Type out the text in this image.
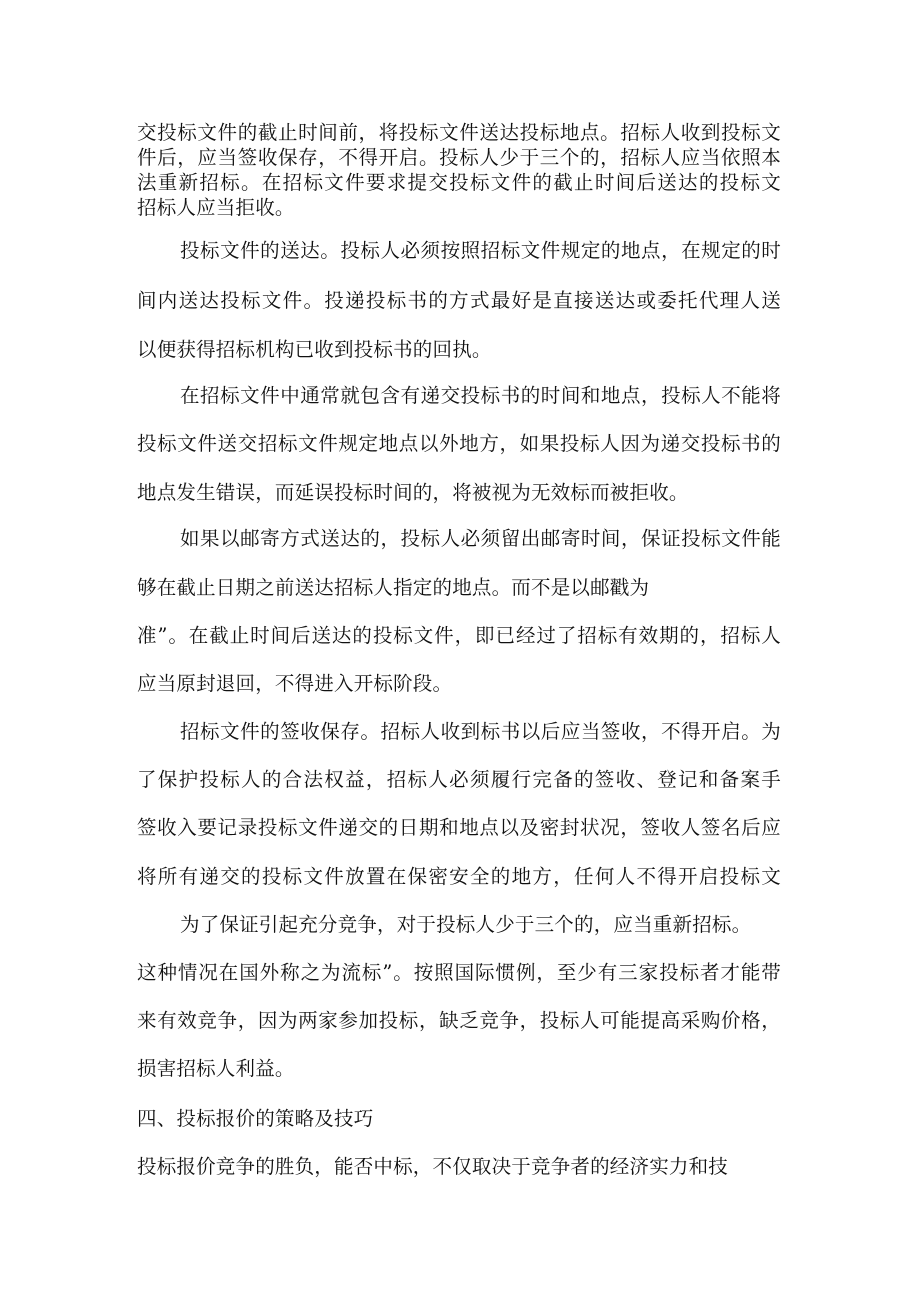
交投标文件的截止时间前，将投标文件送达投标地点。招标人收到投标文
件后，应当签收保存，不得开启。投标人少于三个的，招标人应当依照本
法重新招标。在招标文件要求提交投标文件的截止时间后送达的投标文
招标人应当拒收。
投标文件的送达。投标人必须按照招标文件规定的地点，在规定的时
间内送达投标文件。投递投标书的方式最好是直接送达或委托代理人送
以便获得招标机构已收到投标书的回执。
在招标文件中通常就包含有递交投标书的时间和地点，投标人不能将
投标文件送交招标文件规定地点以外地方，如果投标人因为递交投标书的
地点发生错误，而延误投标时间的，将被视为无效标而被拒收。
如果以邮寄方式送达的，投标人必须留出邮寄时间，保证投标文件能
够在截止日期之前送达招标人指定的地点。而不是以邮戳为
准”。在截止时间后送达的投标文件，即已经过了招标有效期的，招标人
应当原封退回，不得进入开标阶段。
招标文件的签收保存。招标人收到标书以后应当签收，不得开启。为
了保护投标人的合法权益，招标人必须履行完备的签收、登记和备案手
签收入要记录投标文件递交的日期和地点以及密封状况，签收人签名后应
将所有递交的投标文件放置在保密安全的地方，任何人不得开启投标文
为了保证引起充分竞争，对于投标人少于三个的，应当重新招标。
这种情况在国外称之为流标”。按照国际惯例，至少有三家投标者才能带
来有效竞争，因为两家参加投标，缺乏竞争，投标人可能提高采购价格，
损害招标人利益。
四、投标报价的策略及技巧
投标报价竞争的胜负，能否中标，不仅取决于竞争者的经济实力和技
